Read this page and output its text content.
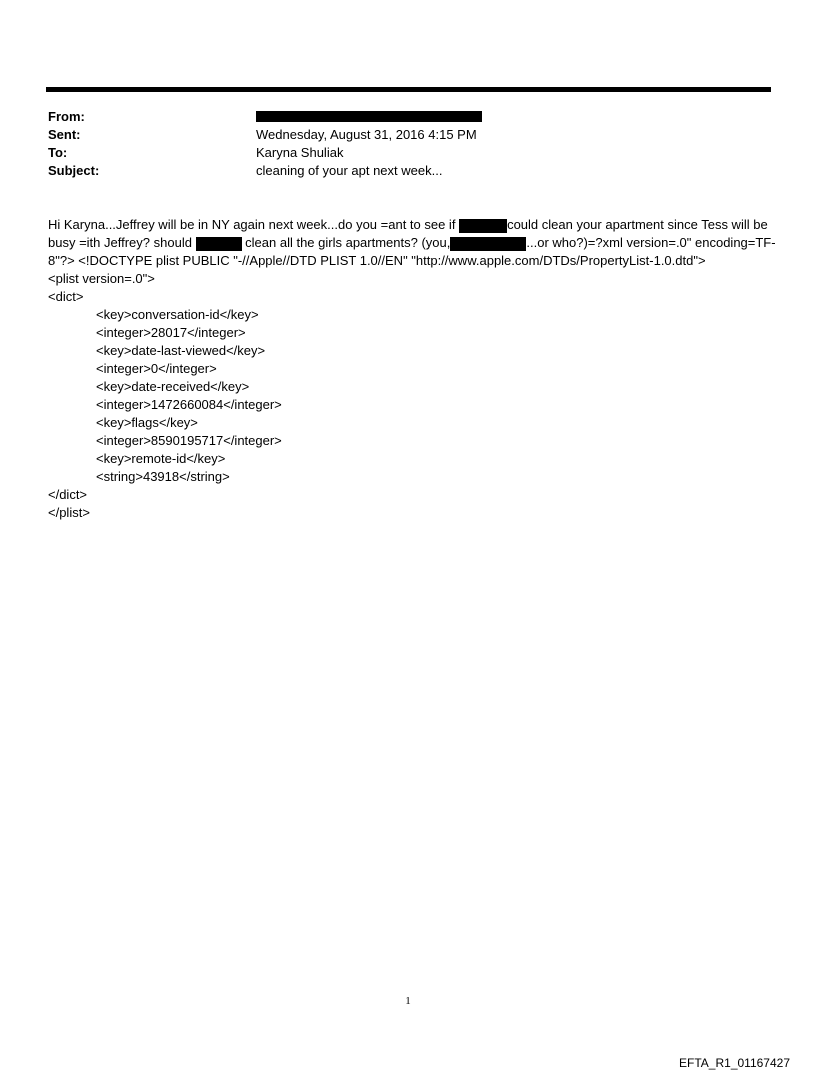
From:
Sent:	Wednesday, August 31, 2016 4:15 PM
To:	Karyna Shuliak
Subject:	cleaning of your apt next week...

Hi Karyna...Jeffrey will be in NY again next week...do you =ant to see if	could clean your apartment since Tess will be busy =ith Jeffrey? should	clean all the girls apartments? (you,	...or who?)=?xml version=.0" encoding=TF-8"?> <!DOCTYPE plist PUBLIC "-//Apple//DTD PLIST 1.0//EN" "http://www.apple.com/DTDs/PropertyList-1.0.dtd">

<plist version=.0">
<dict>
<key>conversation-id</key>
<integer>28017</integer>
<key>date-last-viewed</key>
<integer>0</integer>
<key>date-received</key>
<integer>1472660084</integer>
<key>flags</key>
<integer>8590195717</integer>
<key>remote-id</key>
<string>43918</string>
</dict>
</plist>
1
EFTA_R1_01167427
